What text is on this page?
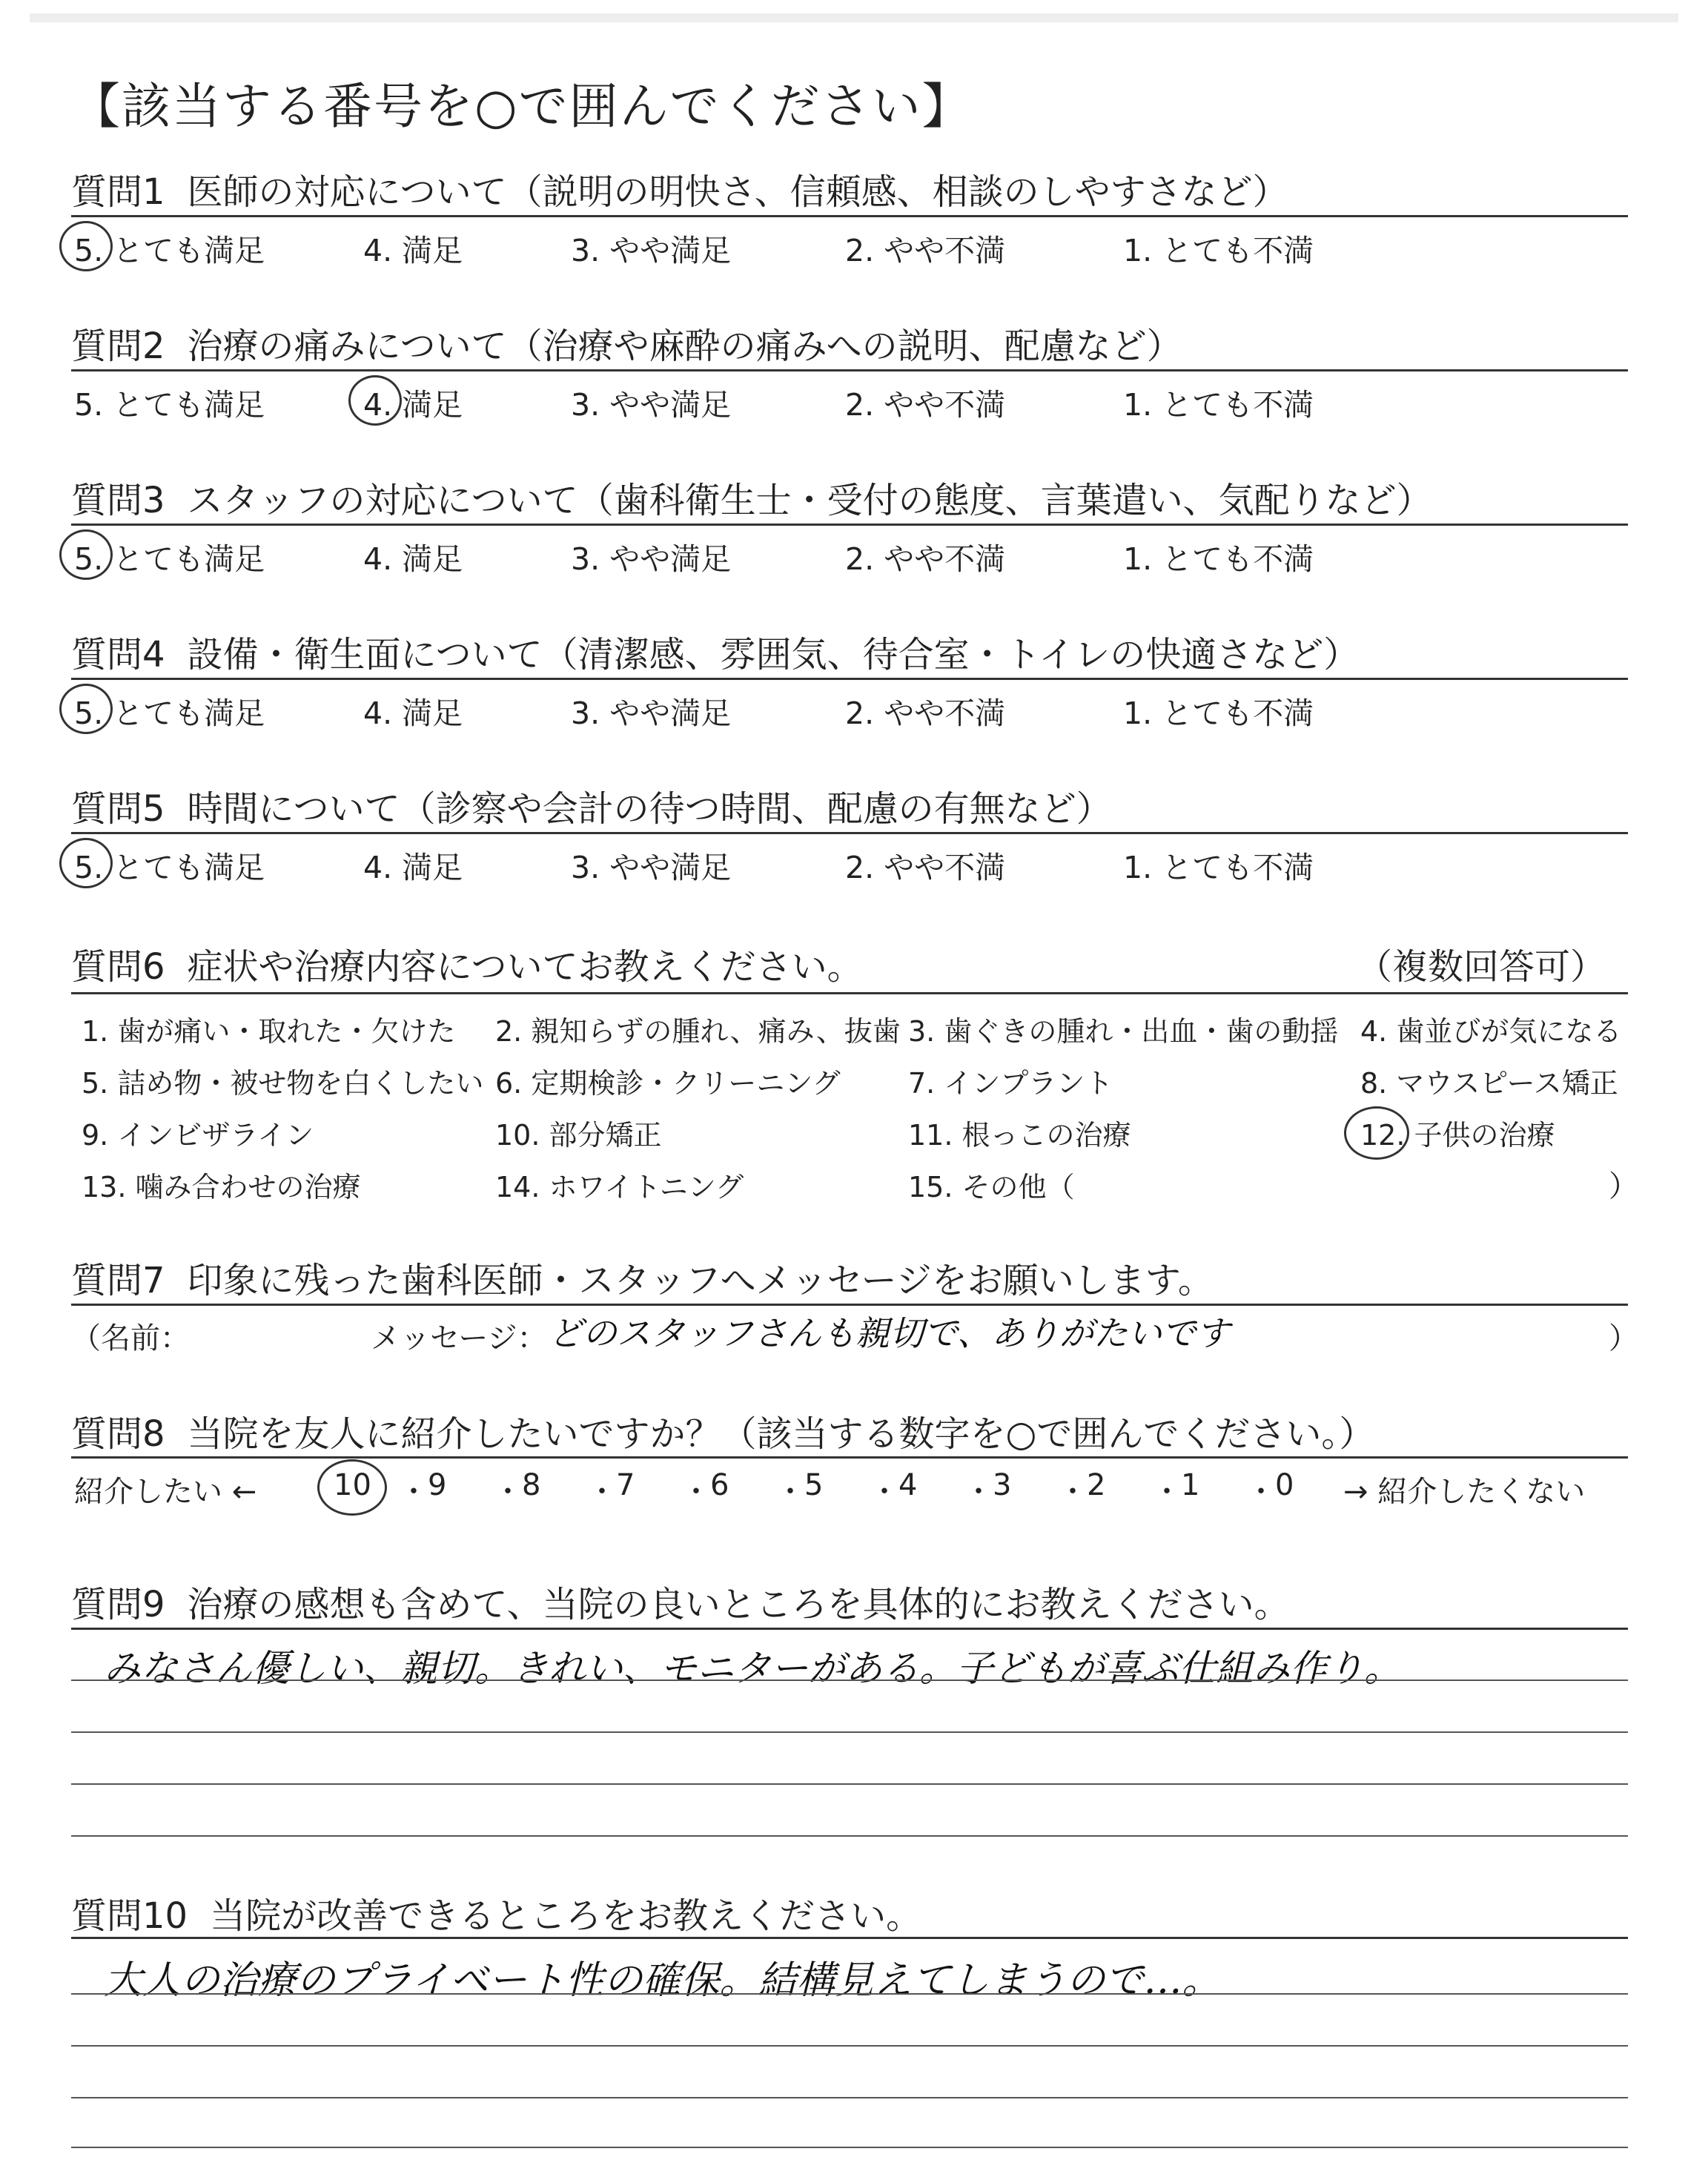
【該当する番号を○で囲んでください】
質問1 医師の対応について（説明の明快さ、信頼感、相談のしやすさなど）
5. とても満足	4. 満足	3. やや満足	2. やや不満	1. とても不満
質問2 治療の痛みについて（治療や麻酔の痛みへの説明、配慮など）
5. とても満足	4. 満足	3. やや満足	2. やや不満	1. とても不満
質問3 スタッフの対応について（歯科衛生士・受付の態度、言葉遣い、気配りなど）
5. とても満足	4. 満足	3. やや満足	2. やや不満	1. とても不満
質問4 設備・衛生面について（清潔感、雰囲気、待合室・トイレの快適さなど）
5. とても満足	4. 満足	3. やや満足	2. やや不満	1. とても不満
質問5 時間について（診察や会計の待つ時間、配慮の有無など）
5. とても満足	4. 満足	3. やや満足	2. やや不満	1. とても不満
質問6 症状や治療内容についてお教えください。	（複数回答可）
1. 歯が痛い・取れた・欠けた 2. 親知らずの腫れ、痛み、抜歯 3. 歯ぐきの腫れ・出血・歯の動揺 4. 歯並びが気になる
5. 詰め物・被せ物を白くしたい 6. 定期検診・クリーニング 7. インプラント	8. マウスピース矯正
9. インビザライン	10. 部分矯正	11. 根っこの治療	12. 子供の治療
13. 噛み合わせの治療	14. ホワイトニング	15. その他（	）
質問7 印象に残った歯科医師・スタッフへメッセージをお願いします。
（名前：	メッセージ： どのスタッフさんも親切で、ありがたいです	）
質問8 当院を友人に紹介したいですか？（該当する数字を○で囲んでください。）
紹介したい ←	10 ・ 9 ・ 8 ・ 7 ・ 6 ・ 5 ・ 4 ・ 3 ・ 2 ・ 1 ・ 0 → 紹介したくない
質問9 治療の感想も含めて、当院の良いところを具体的にお教えください。
みなさん優しい、親切。きれい、モニターがある。子どもが喜ぶ仕組み作り。
質問10 当院が改善できるところをお教えください。
大人の治療のプライベート性の確保。結構見えてしまうので…。
